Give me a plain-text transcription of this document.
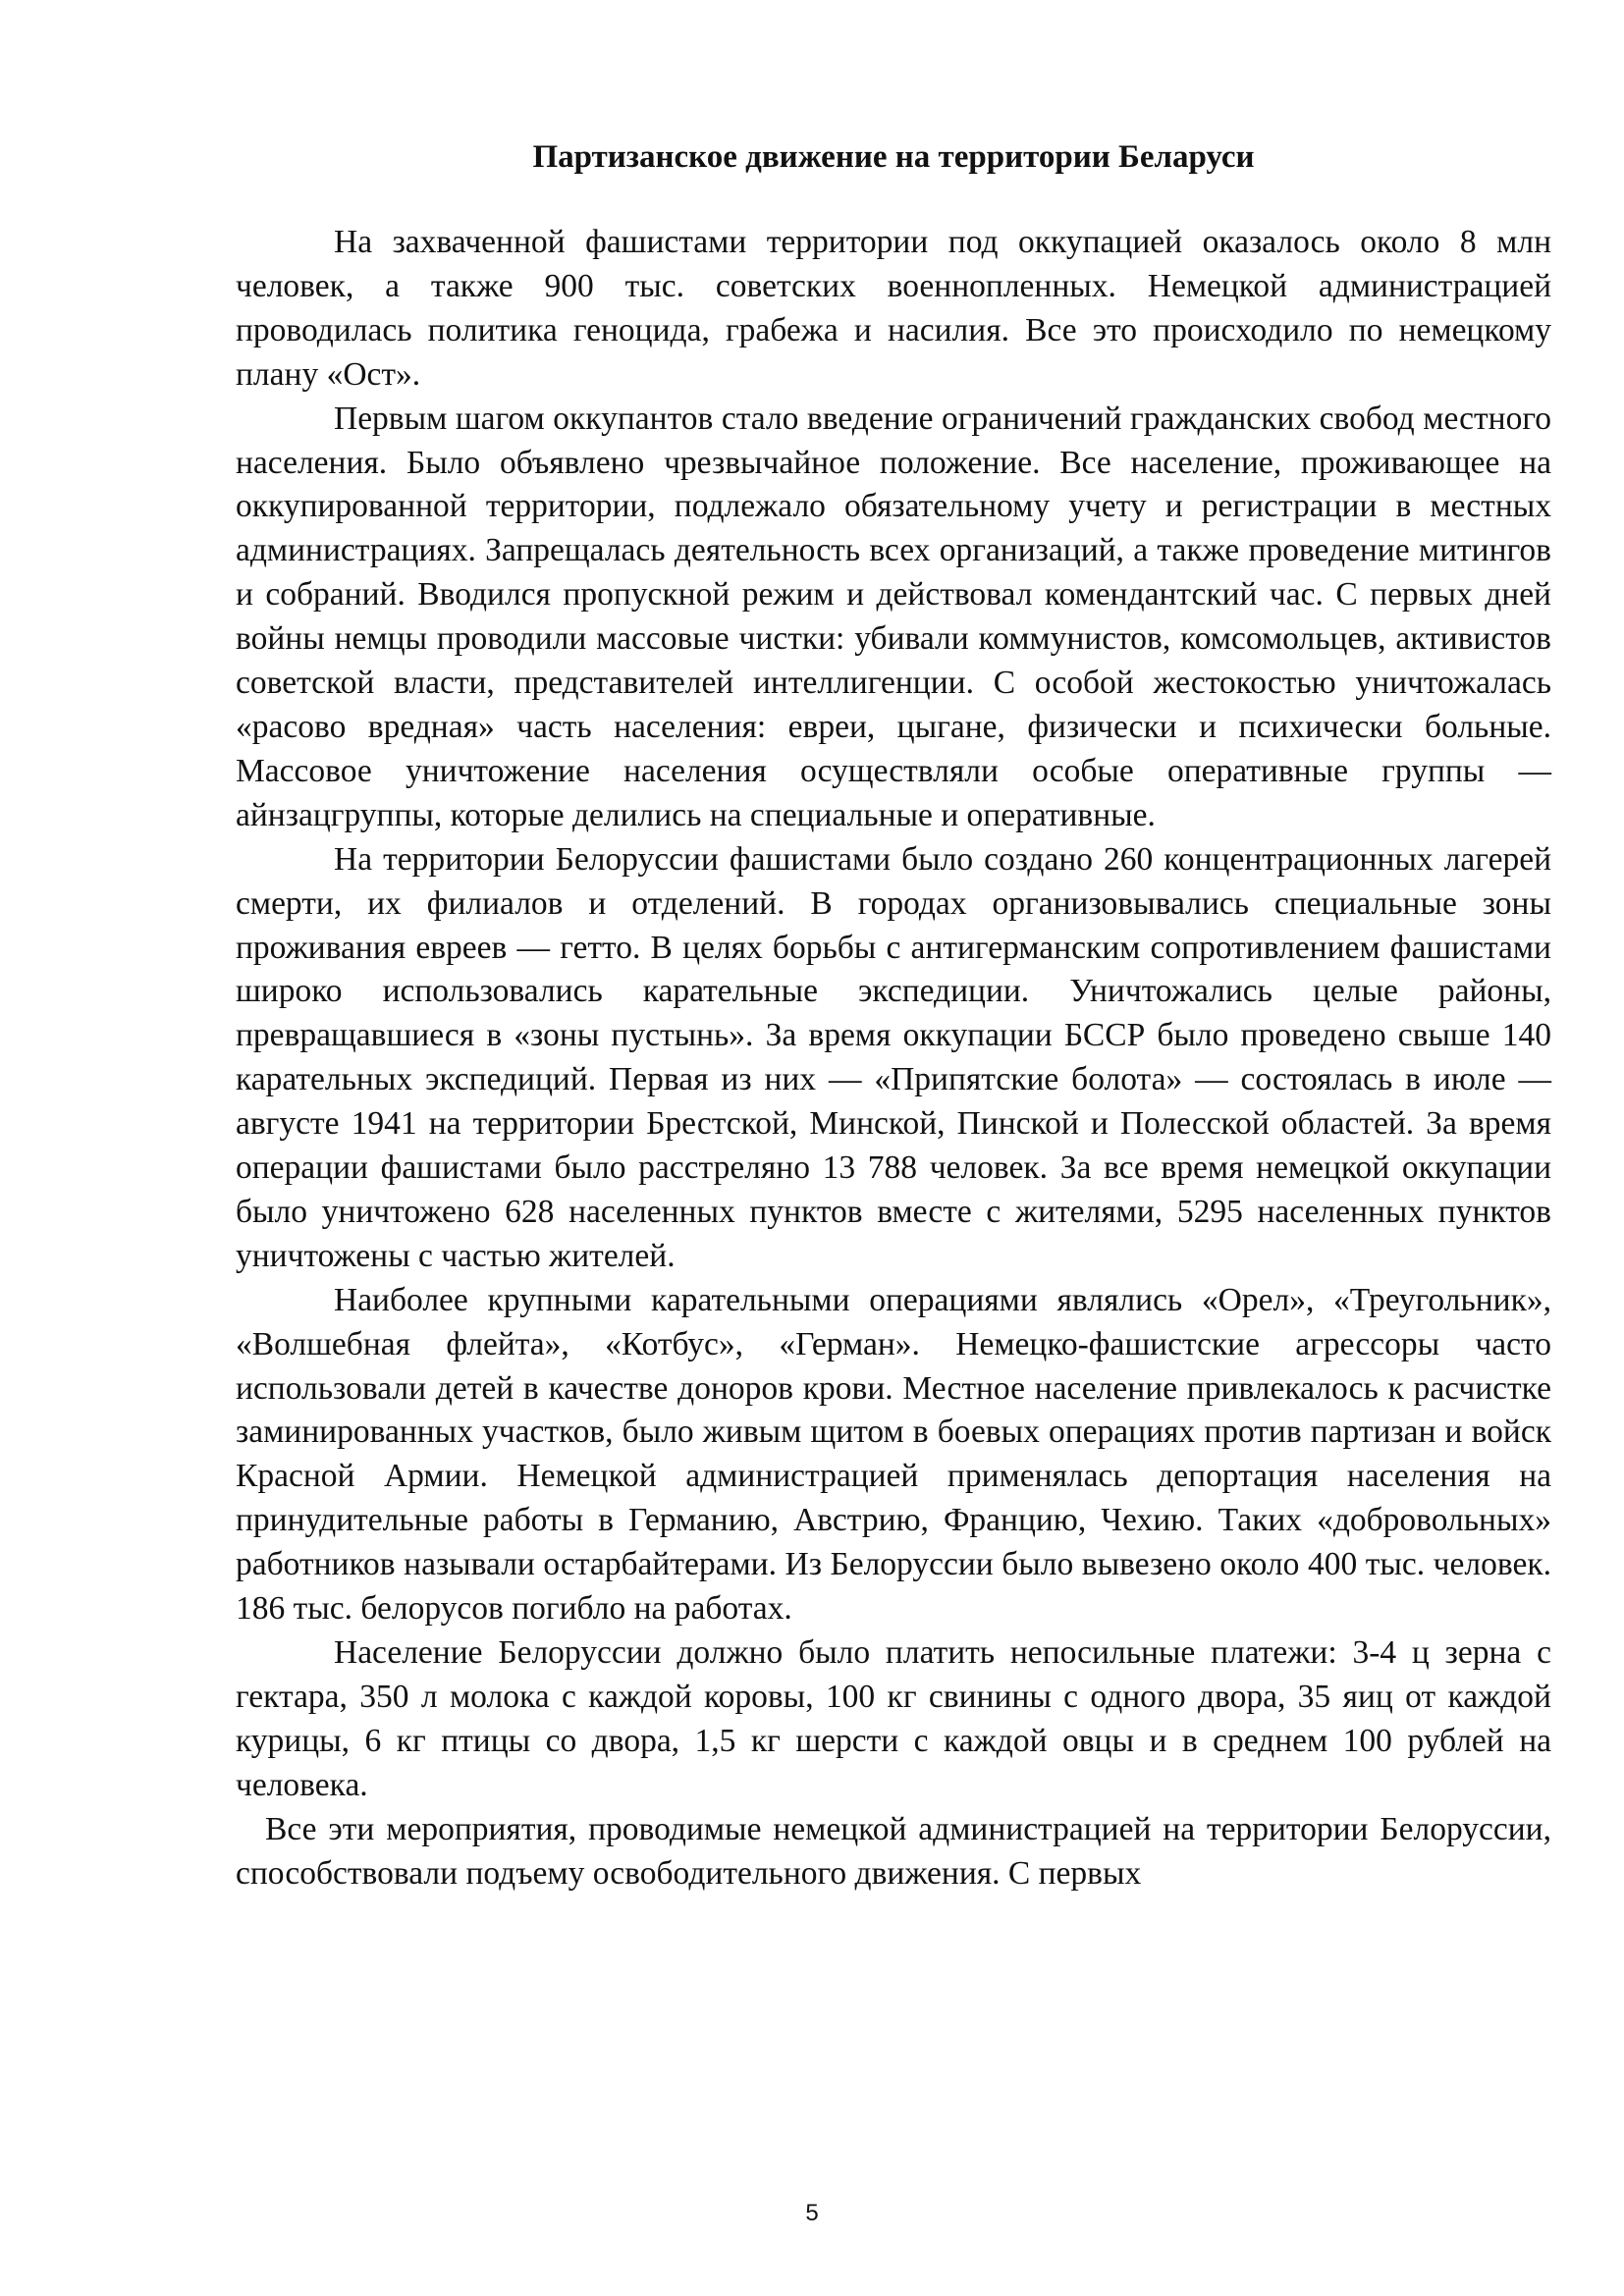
Партизанское движение на территории Беларуси

На захваченной фашистами территории под оккупацией оказалось около 8 млн человек, а также 900 тыс. советских военнопленных. Немецкой администрацией проводилась политика геноцида, грабежа и насилия. Все это происходило по немецкому плану «Ост».

Первым шагом оккупантов стало введение ограничений гражданских свобод местного населения. Было объявлено чрезвычайное положение. Все население, проживающее на оккупированной территории, подлежало обязательному учету и регистрации в местных администрациях. Запрещалась деятельность всех организаций, а также проведение митингов и собраний. Вводился пропускной режим и действовал комендантский час. С первых дней войны немцы проводили массовые чистки: убивали коммунистов, комсомольцев, активистов советской власти, представителей интеллигенции. С особой жестокостью уничтожалась «расово вредная» часть населения: евреи, цыгане, физически и психически больные. Массовое уничтожение населения осуществляли особые оперативные группы — айнзацгруппы, которые делились на специальные и оперативные.

На территории Белоруссии фашистами было создано 260 концентрационных лагерей смерти, их филиалов и отделений. В городах организовывались специальные зоны проживания евреев — гетто. В целях борьбы с антигерманским сопротивлением фашистами широко использовались карательные экспедиции. Уничтожались целые районы, превращавшиеся в «зоны пустынь». За время оккупации БССР было проведено свыше 140 карательных экспедиций. Первая из них — «Припятские болота» — состоялась в июле — августе 1941 на территории Брестской, Минской, Пинской и Полесской областей. За время операции фашистами было расстреляно 13 788 человек. За все время немецкой оккупации было уничтожено 628 населенных пунктов вместе с жителями, 5295 населенных пунктов уничтожены с частью жителей.

Наиболее крупными карательными операциями являлись «Орел», «Треугольник», «Волшебная флейта», «Котбус», «Герман». Немецко-фашистские агрессоры часто использовали детей в качестве доноров крови. Местное население привлекалось к расчистке заминированных участков, было живым щитом в боевых операциях против партизан и войск Красной Армии. Немецкой администрацией применялась депортация населения на принудительные работы в Германию, Австрию, Францию, Чехию. Таких «добровольных» работников называли остарбайтерами. Из Белоруссии было вывезено около 400 тыс. человек. 186 тыс. белорусов погибло на работах.

Население Белоруссии должно было платить непосильные платежи: 3-4 ц зерна с гектара, 350 л молока с каждой коровы, 100 кг свинины с одного двора, 35 яиц от каждой курицы, 6 кг птицы со двора, 1,5 кг шерсти с каждой овцы и в среднем 100 рублей на человека.

Все эти мероприятия, проводимые немецкой администрацией на территории Белоруссии, способствовали подъему освободительного движения. С первых

5
